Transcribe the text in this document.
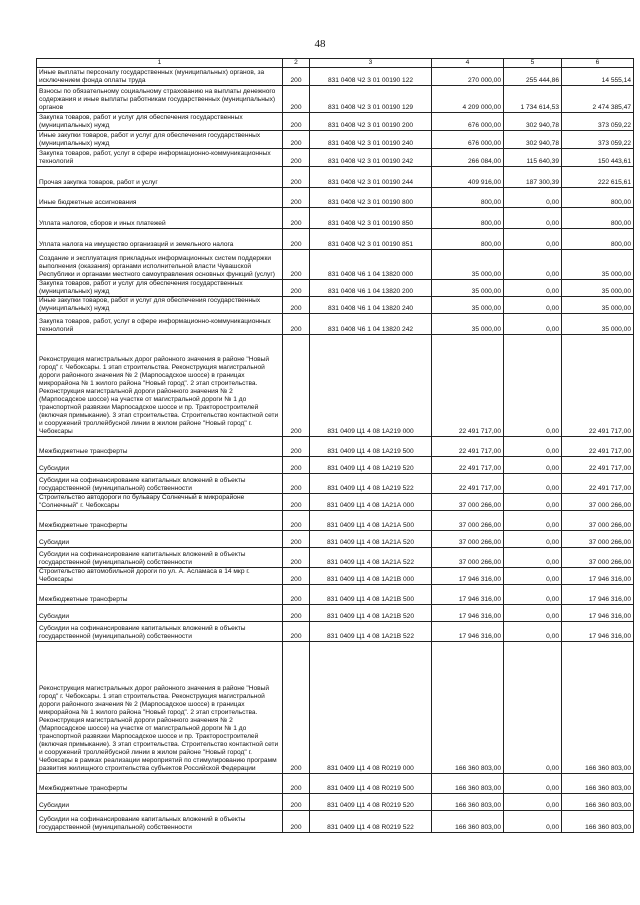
48
1	2	3	4	5	6
Иные выплаты персоналу государственных (муниципальных) органов, за исключением фонда оплаты труда	200	831 0408 Ч2 3 01 00190 122	270 000,00	255 444,86	14 555,14
Взносы по обязательному социальному страхованию на выплаты денежного содержания и иные выплаты работникам государственных (муниципальных) органов	200	831 0408 Ч2 3 01 00190 129	4 209 000,00	1 734 614,53	2 474 385,47
Закупка товаров, работ и услуг для обеспечения государственных (муниципальных) нужд	200	831 0408 Ч2 3 01 00190 200	676 000,00	302 940,78	373 059,22
Иные закупки товаров, работ и услуг для обеспечения государственных (муниципальных) нужд	200	831 0408 Ч2 3 01 00190 240	676 000,00	302 940,78	373 059,22
Закупка товаров, работ, услуг в сфере информационно-коммуникационных технологий	200	831 0408 Ч2 3 01 00190 242	266 084,00	115 640,39	150 443,61
Прочая закупка товаров, работ и услуг	200	831 0408 Ч2 3 01 00190 244	409 916,00	187 300,39	222 615,61
Иные бюджетные ассигнования	200	831 0408 Ч2 3 01 00190 800	800,00	0,00	800,00
Уплата налогов, сборов и иных платежей	200	831 0408 Ч2 3 01 00190 850	800,00	0,00	800,00
Уплата налога на имущество организаций и земельного налога	200	831 0408 Ч2 3 01 00190 851	800,00	0,00	800,00
Создание и эксплуатация прикладных информационных систем поддержки выполнения (оказания) органами исполнительной власти Чувашской Республики и органами местного самоуправления основных функций (услуг)	200	831 0408 Ч6 1 04 13820 000	35 000,00	0,00	35 000,00
Закупка товаров, работ и услуг для обеспечения государственных (муниципальных) нужд	200	831 0408 Ч6 1 04 13820 200	35 000,00	0,00	35 000,00
Иные закупки товаров, работ и услуг для обеспечения государственных (муниципальных) нужд	200	831 0408 Ч6 1 04 13820 240	35 000,00	0,00	35 000,00
Закупка товаров, работ, услуг в сфере информационно-коммуникационных технологий	200	831 0408 Ч6 1 04 13820 242	35 000,00	0,00	35 000,00
Реконструкция магистральных дорог районного значения в районе "Новый город" г. Чебоксары. 1 этап строительства. Реконструкция магистральной дороги районного значения № 2 (Марпосадское шоссе) в границах микрорайона № 1 жилого района "Новый город". 2 этап строительства. Реконструкция магистральной дороги районного значения № 2 (Марпосадское шоссе) на участке от магистральной дороги № 1 до транспортной развязки Марпосадское шоссе и пр. Тракторостроителей (включая примыкание). 3 этап строительства. Строительство контактной сети и сооружений троллейбусной линии в жилом районе "Новый город" г. Чебоксары	200	831 0409 Ц1 4 08 1А219 000	22 491 717,00	0,00	22 491 717,00
Межбюджетные трансферты	200	831 0409 Ц1 4 08 1А219 500	22 491 717,00	0,00	22 491 717,00
Субсидии	200	831 0409 Ц1 4 08 1А219 520	22 491 717,00	0,00	22 491 717,00
Субсидии на софинансирование капитальных вложений в объекты государственной (муниципальной) собственности	200	831 0409 Ц1 4 08 1А219 522	22 491 717,00	0,00	22 491 717,00
Строительство автодороги по бульвару Солнечный в микрорайоне "Солнечный" г. Чебоксары	200	831 0409 Ц1 4 08 1А21А 000	37 000 266,00	0,00	37 000 266,00
Межбюджетные трансферты	200	831 0409 Ц1 4 08 1А21А 500	37 000 266,00	0,00	37 000 266,00
Субсидии	200	831 0409 Ц1 4 08 1А21А 520	37 000 266,00	0,00	37 000 266,00
Субсидии на софинансирование капитальных вложений в объекты государственной (муниципальной) собственности	200	831 0409 Ц1 4 08 1А21А 522	37 000 266,00	0,00	37 000 266,00
Строительство автомобильной дороги по ул. А. Асламаса в 14 мкр г. Чебоксары	200	831 0409 Ц1 4 08 1А21В 000	17 946 316,00	0,00	17 946 316,00
Межбюджетные трансферты	200	831 0409 Ц1 4 08 1А21В 500	17 946 316,00	0,00	17 946 316,00
Субсидии	200	831 0409 Ц1 4 08 1А21В 520	17 946 316,00	0,00	17 946 316,00
Субсидии на софинансирование капитальных вложений в объекты государственной (муниципальной) собственности	200	831 0409 Ц1 4 08 1А21В 522	17 946 316,00	0,00	17 946 316,00
Реконструкция магистральных дорог районного значения в районе "Новый город" г. Чебоксары. 1 этап строительства. Реконструкция магистральной дороги районного значения № 2 (Марпосадское шоссе) в границах микрорайона № 1 жилого района "Новый город". 2 этап строительства. Реконструкция магистральной дороги районного значения № 2 (Марпосадское шоссе) на участке от магистральной дороги № 1 до транспортной развязки Марпосадское шоссе и пр. Тракторостроителей (включая примыкание). 3 этап строительства. Строительство контактной сети и сооружений троллейбусной линии в жилом районе "Новый город" г. Чебоксары в рамках реализации мероприятий по стимулированию программ развития жилищного строительства субъектов Российской Федерации	200	831 0409 Ц1 4 08 R0219 000	166 360 803,00	0,00	166 360 803,00
Межбюджетные трансферты	200	831 0409 Ц1 4 08 R0219 500	166 360 803,00	0,00	166 360 803,00
Субсидии	200	831 0409 Ц1 4 08 R0219 520	166 360 803,00	0,00	166 360 803,00
Субсидии на софинансирование капитальных вложений в объекты государственной (муниципальной) собственности	200	831 0409 Ц1 4 08 R0219 522	166 360 803,00	0,00	166 360 803,00
